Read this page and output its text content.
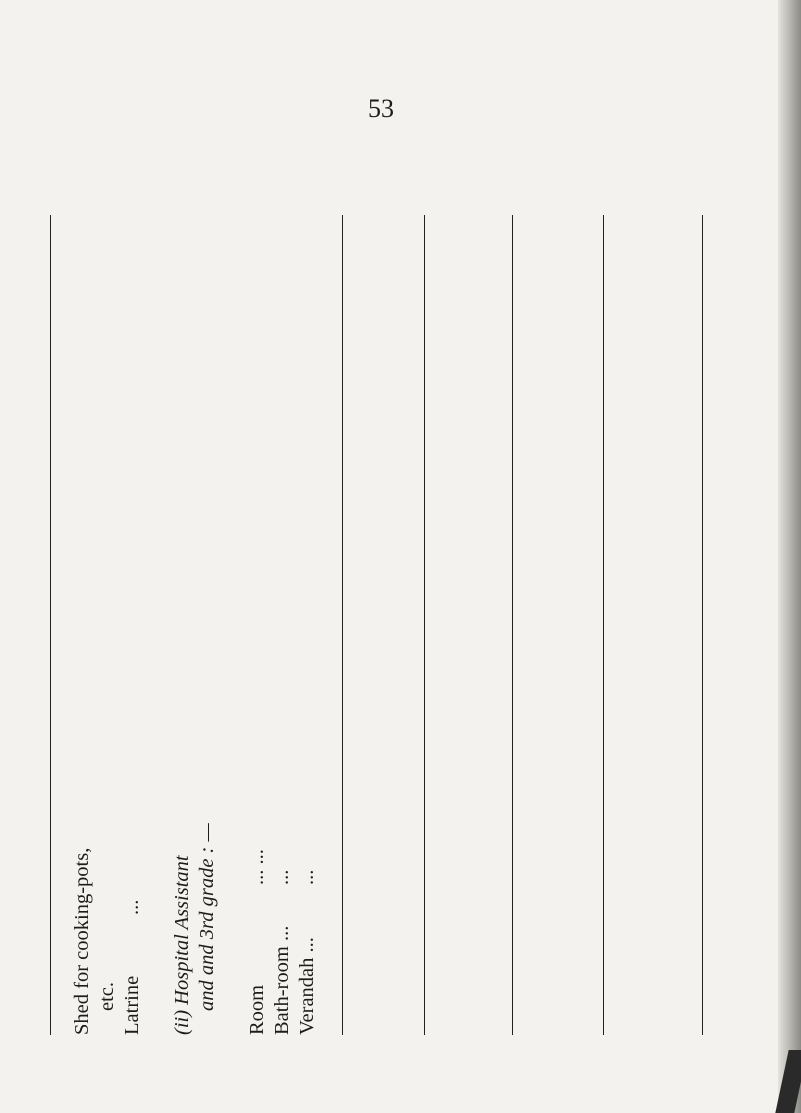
53
Shed for cooking-pots, etc. Latrine
... (ii) Hospital Assistant and and 3rd grade : — Room
... ...
Bath-room ...
...
Verandah ...
...
